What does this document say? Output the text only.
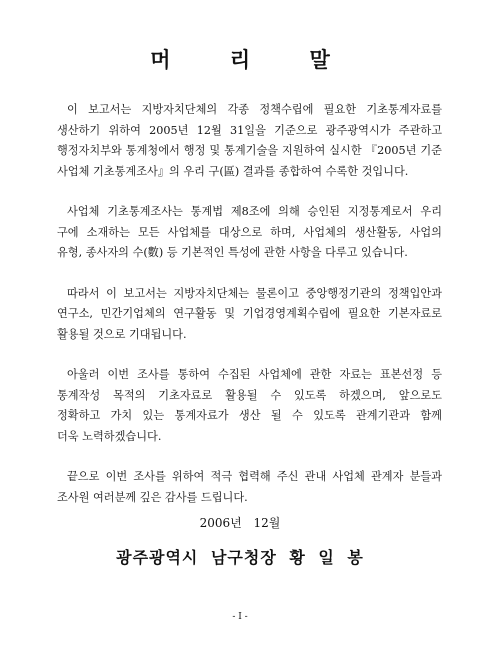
머 리 말

이 보고서는 지방자치단체의 각종 정책수립에 필요한 기초통계자료를
생산하기 위하여 2005년 12월 31일을 기준으로 광주광역시가 주관하고
행정자치부와 통계청에서 행정 및 통계기술을 지원하여 실시한 『2005년 기준
사업체 기초통계조사』의 우리 구(區) 결과를 종합하여 수록한 것입니다.

사업체 기초통계조사는 통계법 제8조에 의해 승인된 지정통계로서 우리
구에 소재하는 모든 사업체를 대상으로 하며, 사업체의 생산활동, 사업의
유형, 종사자의 수(數) 등 기본적인 특성에 관한 사항을 다루고 있습니다.

따라서 이 보고서는 지방자치단체는 물론이고 중앙행정기관의 정책입안과
연구소, 민간기업체의 연구활동 및 기업경영계획수립에 필요한 기본자료로
활용될 것으로 기대됩니다.

아울러 이번 조사를 통하여 수집된 사업체에 관한 자료는 표본선정 등
통계작성 목적의 기초자료로 활용될 수 있도록 하겠으며, 앞으로도
정확하고 가치 있는 통계자료가 생산 될 수 있도록 관계기관과 함께
더욱 노력하겠습니다.

끝으로 이번 조사를 위하여 적극 협력해 주신 관내 사업체 관계자 분들과
조사원 여러분께 깊은 감사를 드립니다.

2006년 12월

광주광역시 남구청장 황 일 봉

- I -
